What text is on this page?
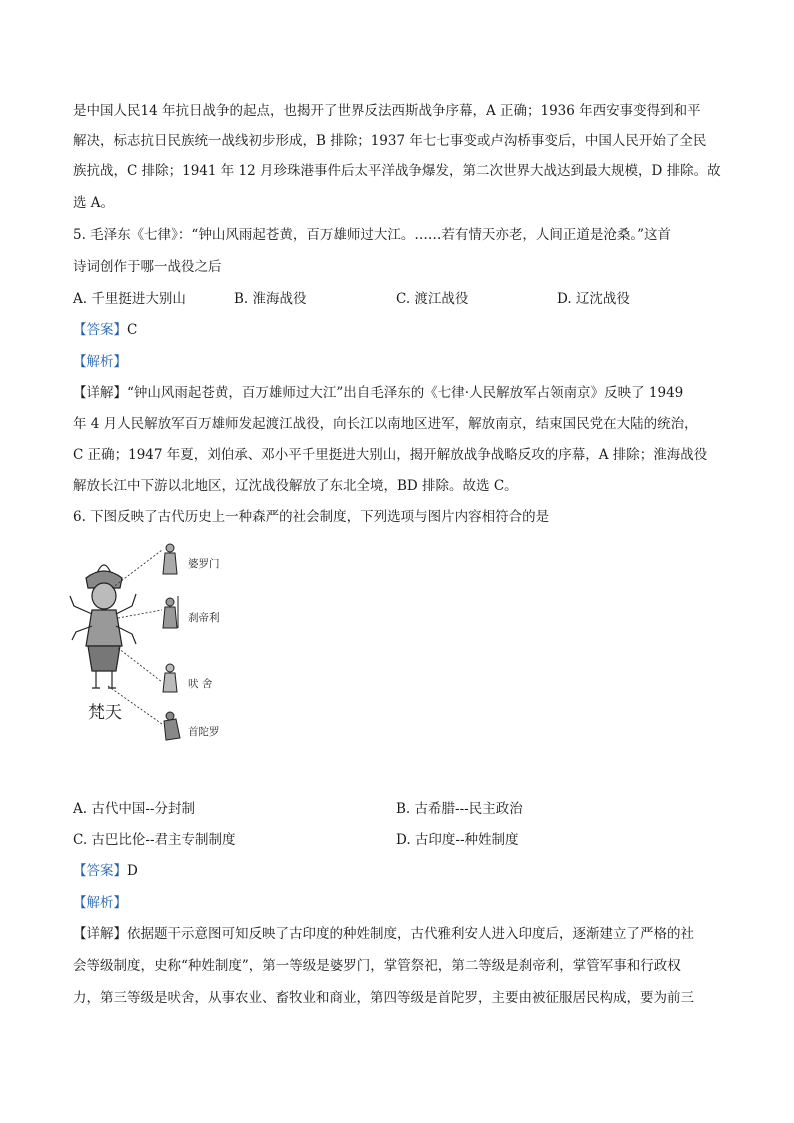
是中国人民14 年抗日战争的起点，也揭开了世界反法西斯战争序幕，A 正确；1936 年西安事变得到和平
解决，标志抗日民族统一战线初步形成，B 排除；1937 年七七事变或卢沟桥事变后，中国人民开始了全民
族抗战，C 排除；1941 年 12 月珍珠港事件后太平洋战争爆发，第二次世界大战达到最大规模，D 排除。故
选 A。
5. 毛泽东《七律》：“钟山风雨起苍黄，百万雄师过大江。……若有情天亦老，人间正道是沧桑。”这首
诗词创作于哪一战役之后
A. 千里挺进大别山	B. 淮海战役	C. 渡江战役	D. 辽沈战役
【答案】C
【解析】
【详解】“钟山风雨起苍黄，百万雄师过大江”出自毛泽东的《七律·人民解放军占领南京》反映了 1949
年 4 月人民解放军百万雄师发起渡江战役，向长江以南地区进军，解放南京，结束国民党在大陆的统治，
C 正确；1947 年夏，刘伯承、邓小平千里挺进大别山，揭开解放战争战略反攻的序幕，A 排除；淮海战役
解放长江中下游以北地区，辽沈战役解放了东北全境，BD 排除。故选 C。
6. 下图反映了古代历史上一种森严的社会制度，下列选项与图片内容相符合的是
婆罗门
刹帝利
吠 舍
首陀罗
梵天
A. 古代中国--分封制	B. 古希腊---民主政治
C. 古巴比伦--君主专制制度	D. 古印度--种姓制度
【答案】D
【解析】
【详解】依据题干示意图可知反映了古印度的种姓制度，古代雅利安人进入印度后，逐渐建立了严格的社
会等级制度，史称“种姓制度”，第一等级是婆罗门，掌管祭祀，第二等级是刹帝利，掌管军事和行政权
力，第三等级是吠舍，从事农业、畜牧业和商业，第四等级是首陀罗，主要由被征服居民构成，要为前三
